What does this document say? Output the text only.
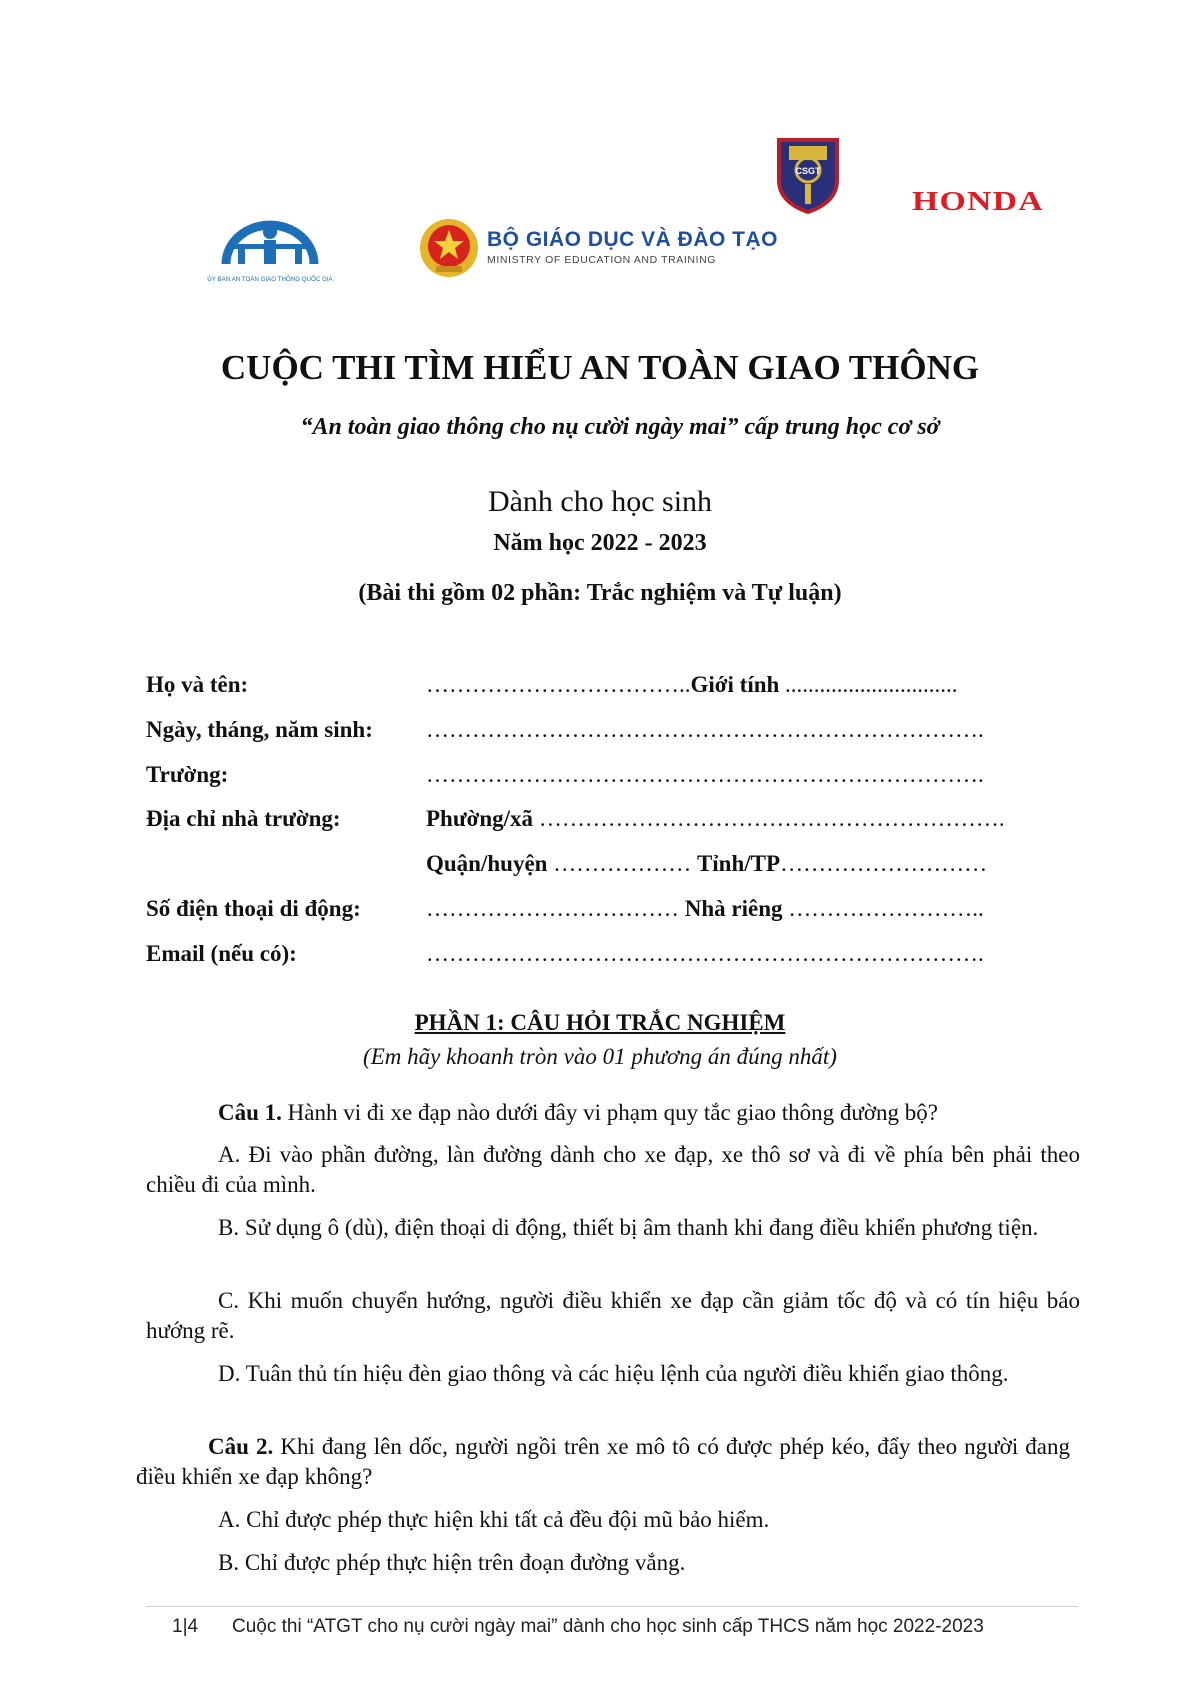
ỦY BAN AN TOÀN GIAO THÔNG QUỐC GIA
BỘ GIÁO DỤC VÀ ĐÀO TẠO
MINISTRY OF EDUCATION AND TRAINING
CSGT
HONDA
CUỘC THI TÌM HIỂU AN TOÀN GIAO THÔNG
“An toàn giao thông cho nụ cười ngày mai” cấp trung học cơ sở
Dành cho học sinh
Năm học 2022 - 2023
(Bài thi gồm 02 phần: Trắc nghiệm và Tự luận)
Họ và tên:	……………………………..Giới tính ..............................
Ngày, tháng, năm sinh: ……………………………………………………………….
Trường:	……………………………………………………………….
Địa chỉ nhà trường:	Phường/xã …………………………………………………….
Quận/huyện ……………… Tỉnh/TP………………………
Số điện thoại di động:	…………………………… Nhà riêng ……………………..
Email (nếu có):	……………………………………………………………….
PHẦN 1: CÂU HỎI TRẮC NGHIỆM
(Em hãy khoanh tròn vào 01 phương án đúng nhất)
Câu 1. Hành vi đi xe đạp nào dưới đây vi phạm quy tắc giao thông đường bộ?
A. Đi vào phần đường, làn đường dành cho xe đạp, xe thô sơ và đi về phía bên phải theo chiều đi của mình.
B. Sử dụng ô (dù), điện thoại di động, thiết bị âm thanh khi đang điều khiển phương tiện.
C. Khi muốn chuyển hướng, người điều khiển xe đạp cần giảm tốc độ và có tín hiệu báo hướng rẽ.
D. Tuân thủ tín hiệu đèn giao thông và các hiệu lệnh của người điều khiển giao thông.
Câu 2. Khi đang lên dốc, người ngồi trên xe mô tô có được phép kéo, đẩy theo người đang điều khiển xe đạp không?
A. Chỉ được phép thực hiện khi tất cả đều đội mũ bảo hiểm.
B. Chỉ được phép thực hiện trên đoạn đường vắng.
1|4 Cuộc thi “ATGT cho nụ cười ngày mai” dành cho học sinh cấp THCS năm học 2022-2023
